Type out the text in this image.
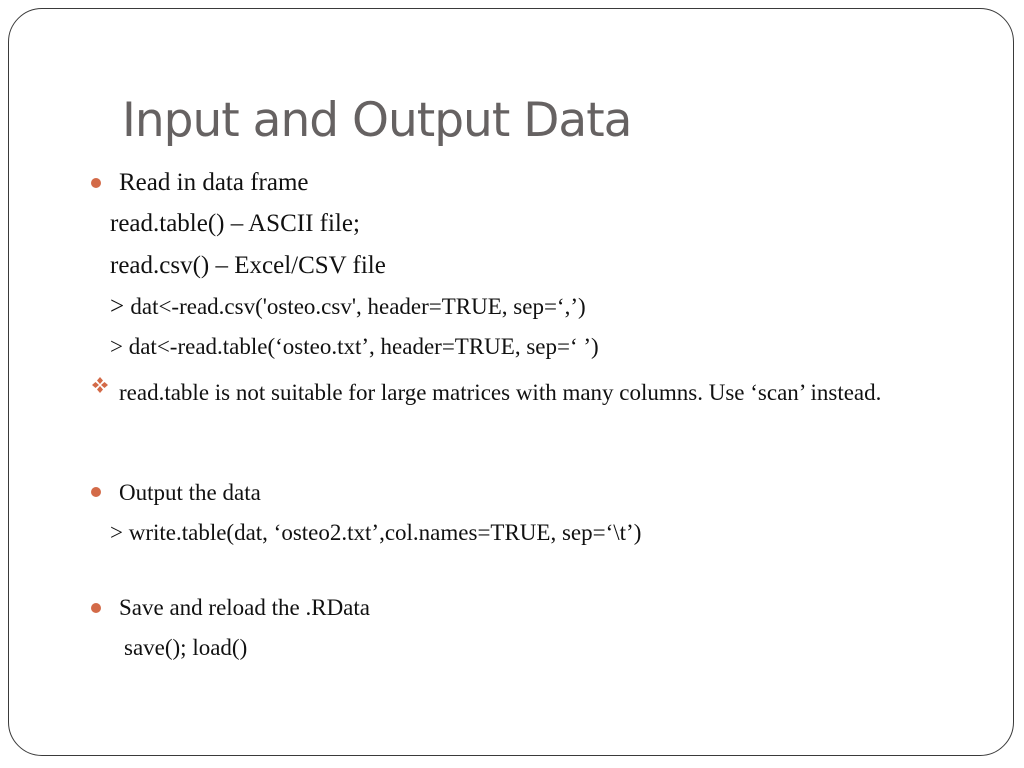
Input and Output Data
Read in data frame
read.table() – ASCII file;
read.csv() – Excel/CSV file
> dat<-read.csv('osteo.csv', header=TRUE, sep=‘,’)
> dat<-read.table(‘osteo.txt’, header=TRUE, sep=‘ ’)
read.table is not suitable for large matrices with many columns. Use ‘scan’ instead.
Output the data
> write.table(dat, ‘osteo2.txt’,col.names=TRUE, sep=‘\t’)
Save and reload the .RData
save(); load()
